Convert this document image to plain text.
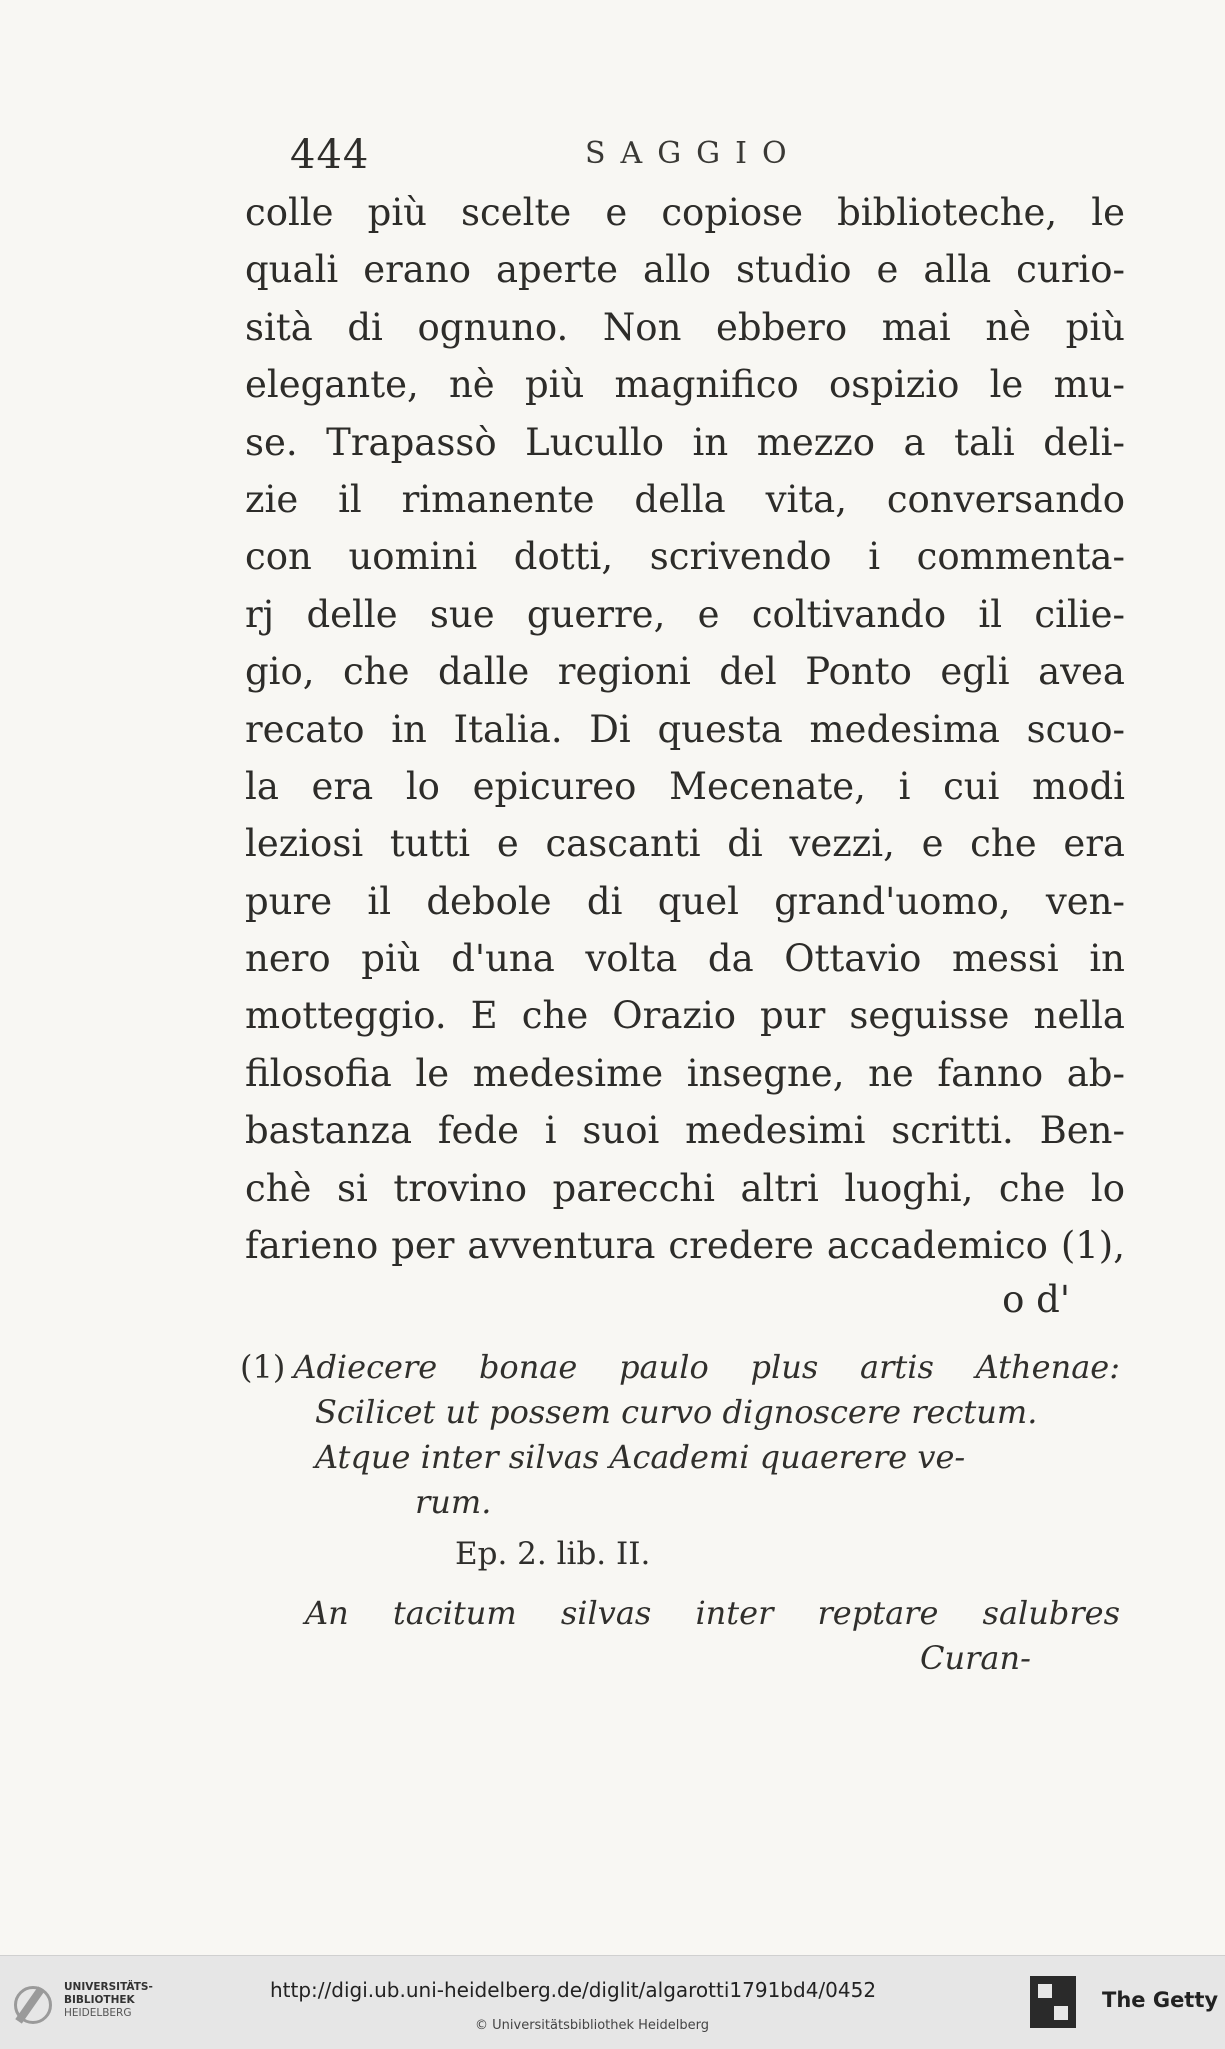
444	SAGGIO
colle più scelte e copiose biblioteche, le
quali erano aperte allo studio e alla curio-
sità di ognuno. Non ebbero mai nè più
elegante, nè più magnifico ospizio le mu-
se. Trapassò Lucullo in mezzo a tali deli-
zie il rimanente della vita, conversando
con uomini dotti, scrivendo i commenta-
rj delle sue guerre, e coltivando il cilie-
gio, che dalle regioni del Ponto egli avea
recato in Italia. Di questa medesima scuo-
la era lo epicureo Mecenate, i cui modi
leziosi tutti e cascanti di vezzi, e che era
pure il debole di quel grand'uomo, ven-
nero più d'una volta da Ottavio messi in
motteggio. E che Orazio pur seguisse nella
filosofia le medesime insegne, ne fanno ab-
bastanza fede i suoi medesimi scritti. Ben-
chè si trovino parecchi altri luoghi, che lo
farieno per avventura credere accademico (1),
o d'
(1) Adiecere bonae paulo plus artis Athenae:
Scilicet ut possem curvo dignoscere rectum.
Atque inter silvas Academi quaerere ve-
rum.
Ep. 2. lib. II.
An tacitum silvas inter reptare salubres
Curan-
UNIVERSITÄTS-
BIBLIOTHEK
HEIDELBERG
http://digi.ub.uni-heidelberg.de/diglit/algarotti1791bd4/0452
© Universitätsbibliothek Heidelberg
The Getty
